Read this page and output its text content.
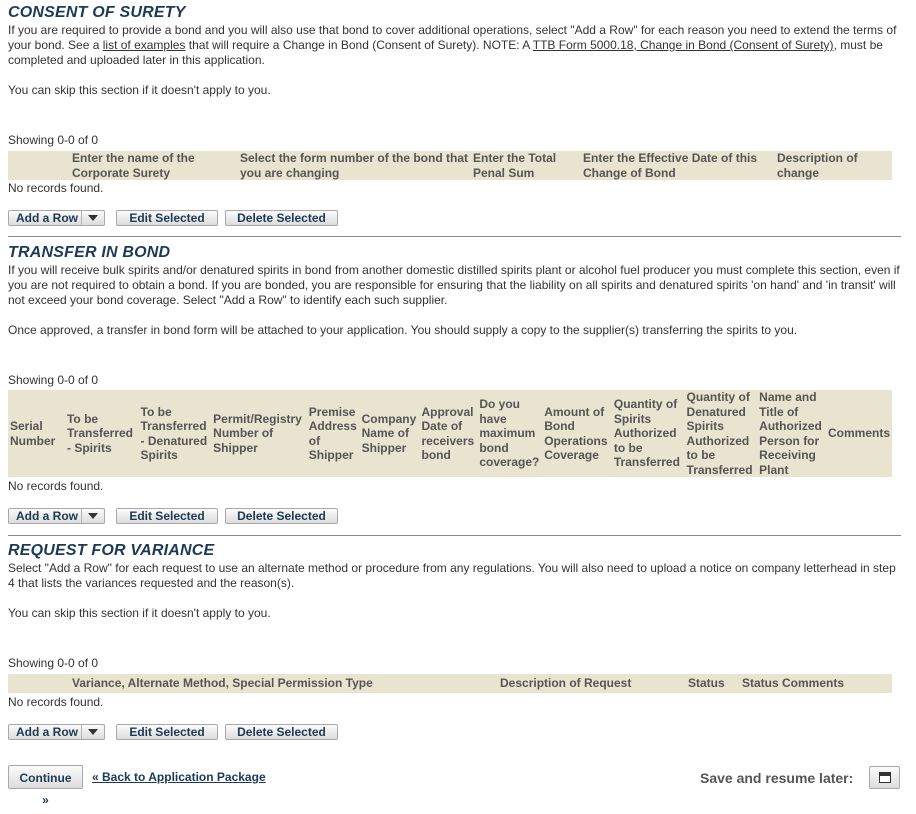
CONSENT OF SURETY

If you are required to provide a bond and you will also use that bond to cover additional operations, select "Add a Row" for each reason you need to extend the terms of your bond. See a list of examples that will require a Change in Bond (Consent of Surety). NOTE: A TTB Form 5000.18, Change in Bond (Consent of Surety), must be completed and uploaded later in this application.

You can skip this section if it doesn't apply to you.

Showing 0-0 of 0
	Enter the name of the Corporate Surety	Select the form number of the bond that you are changing	Enter the Total Penal Sum	Enter the Effective Date of this Change of Bond	Description of change
No records found.
Add a Row	Edit Selected	Delete Selected
TRANSFER IN BOND

If you will receive bulk spirits and/or denatured spirits in bond from another domestic distilled spirits plant or alcohol fuel producer you must complete this section, even if you are not required to obtain a bond. If you are bonded, you are responsible for ensuring that the liability on all spirits and denatured spirits 'on hand' and 'in transit' will not exceed your bond coverage. Select "Add a Row" to identify each such supplier.

Once approved, a transfer in bond form will be attached to your application. You should supply a copy to the supplier(s) transferring the spirits to you.

Showing 0-0 of 0
Serial Number	To be Transferred - Spirits	To be Transferred - Denatured Spirits	Permit/Registry Number of Shipper	Premise Address of Shipper	Company Name of Shipper	Approval Date of receivers bond	Do you have maximum bond coverage?	Amount of Bond Operations Coverage	Quantity of Spirits Authorized to be Transferred	Quantity of Denatured Spirits Authorized to be Transferred	Name and Title of Authorized Person for Receiving Plant	Comments
No records found.
Add a Row	Edit Selected	Delete Selected
REQUEST FOR VARIANCE

Select "Add a Row" for each request to use an alternate method or procedure from any regulations. You will also need to upload a notice on company letterhead in step 4 that lists the variances requested and the reason(s).

You can skip this section if it doesn't apply to you.

Showing 0-0 of 0
	Variance, Alternate Method, Special Permission Type	Description of Request	Status	Status Comments
No records found.
Add a Row	Edit Selected	Delete Selected
Continue »
« Back to Application Package	Save and resume later:
